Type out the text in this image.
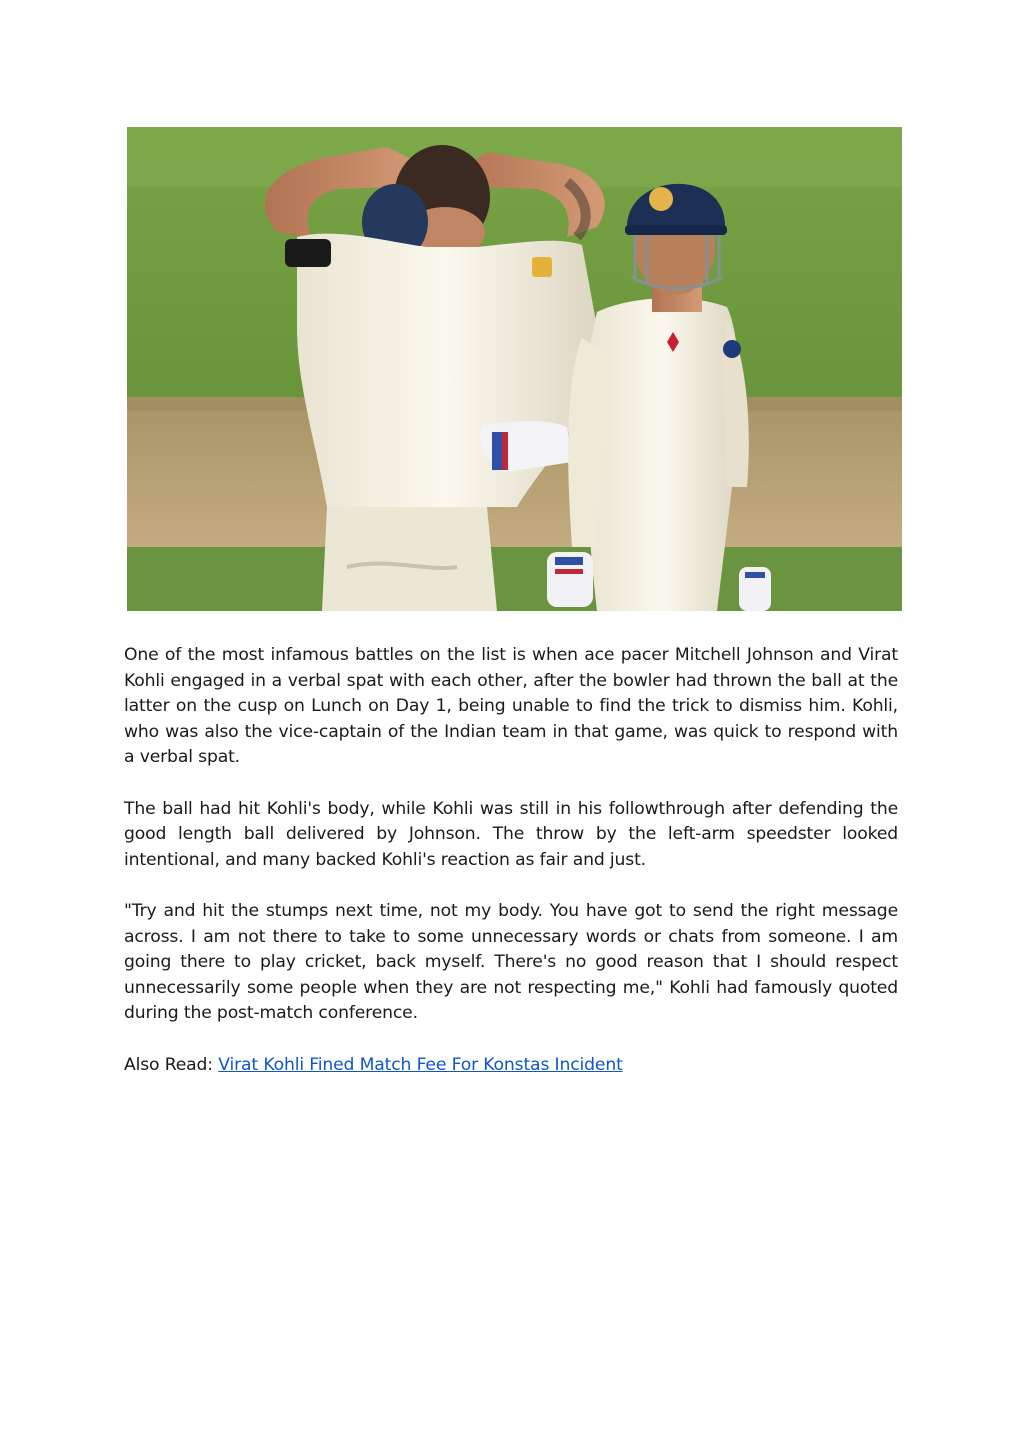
One of the most infamous battles on the list is when ace pacer Mitchell Johnson and Virat Kohli engaged in a verbal spat with each other, after the bowler had thrown the ball at the latter on the cusp on Lunch on Day 1, being unable to find the trick to dismiss him. Kohli, who was also the vice-captain of the Indian team in that game, was quick to respond with a verbal spat.

The ball had hit Kohli's body, while Kohli was still in his followthrough after defending the good length ball delivered by Johnson. The throw by the left-arm speedster looked intentional, and many backed Kohli's reaction as fair and just.

"Try and hit the stumps next time, not my body. You have got to send the right message across. I am not there to take to some unnecessary words or chats from someone. I am going there to play cricket, back myself. There's no good reason that I should respect unnecessarily some people when they are not respecting me," Kohli had famously quoted during the post-match conference.

Also Read: Virat Kohli Fined Match Fee For Konstas Incident
